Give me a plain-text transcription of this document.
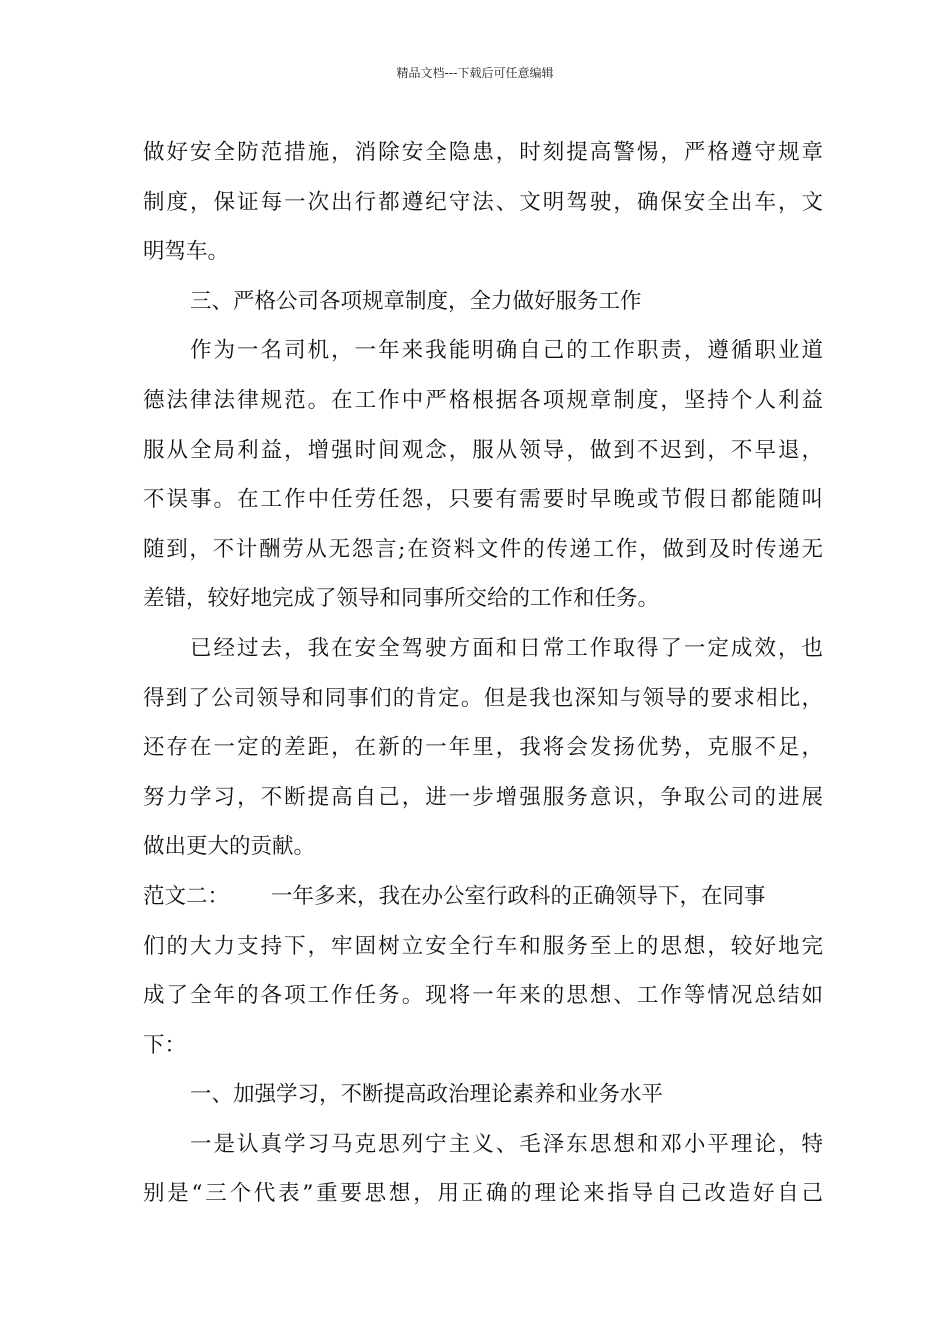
精品文档---下载后可任意编辑
做好安全防范措施，消除安全隐患，时刻提高警惕，严格遵守规章
制度，保证每一次出行都遵纪守法、文明驾驶，确保安全出车，文
明驾车。
三、严格公司各项规章制度，全力做好服务工作
作为一名司机，一年来我能明确自己的工作职责，遵循职业道
德法律法律规范。在工作中严格根据各项规章制度，坚持个人利益
服从全局利益，增强时间观念，服从领导，做到不迟到，不早退，
不误事。在工作中任劳任怨，只要有需要时早晚或节假日都能随叫
随到，不计酬劳从无怨言;在资料文件的传递工作，做到及时传递无
差错，较好地完成了领导和同事所交给的工作和任务。
已经过去，我在安全驾驶方面和日常工作取得了一定成效，也
得到了公司领导和同事们的肯定。但是我也深知与领导的要求相比，
还存在一定的差距，在新的一年里，我将会发扬优势，克服不足，
努力学习，不断提高自己，进一步增强服务意识，争取公司的进展
做出更大的贡献。
范文二： 一年多来，我在办公室行政科的正确领导下，在同事
们的大力支持下，牢固树立安全行车和服务至上的思想，较好地完
成了全年的各项工作任务。现将一年来的思想、工作等情况总结如
下：
一、加强学习，不断提高政治理论素养和业务水平
一是认真学习马克思列宁主义、毛泽东思想和邓小平理论，特
别是“三个代表”重要思想，用正确的理论来指导自己改造好自己
